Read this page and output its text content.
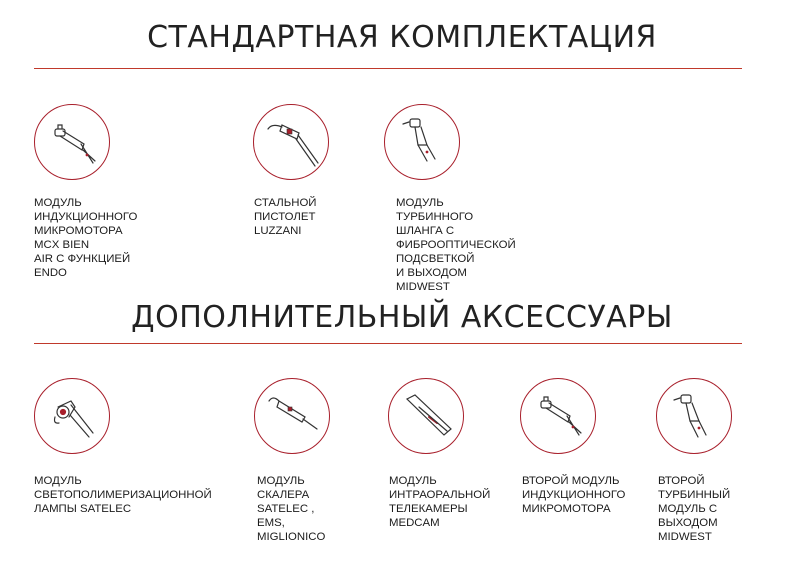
СТАНДАРТНАЯ КОМПЛЕКТАЦИЯ
МОДУЛЬ ИНДУКЦИОННОГО
МИКРОМОТОРА MCX BIEN
AIR С ФУНКЦИЕЙ ENDO
СТАЛЬНОЙ
ПИСТОЛЕТ
LUZZANI
МОДУЛЬ ТУРБИННОГО ШЛАНГА С
ФИБРООПТИЧЕСКОЙ ПОДСВЕТКОЙ
И ВЫХОДОМ MIDWEST
ДОПОЛНИТЕЛЬНЫЙ АКСЕССУАРЫ
МОДУЛЬ
СВЕТОПОЛИМЕРИЗАЦИОННОЙ
ЛАМПЫ SATELEC
МОДУЛЬ СКАЛЕРА
SATELEC , EMS,
MIGLIONICO
МОДУЛЬ
ИНТРАОРАЛЬНОЙ
ТЕЛЕКАМЕРЫ
MEDCAM
ВТОРОЙ МОДУЛЬ
ИНДУКЦИОННОГО
МИКРОМОТОРА
ВТОРОЙ
ТУРБИННЫЙ
МОДУЛЬ С
ВЫХОДОМ
MIDWEST
